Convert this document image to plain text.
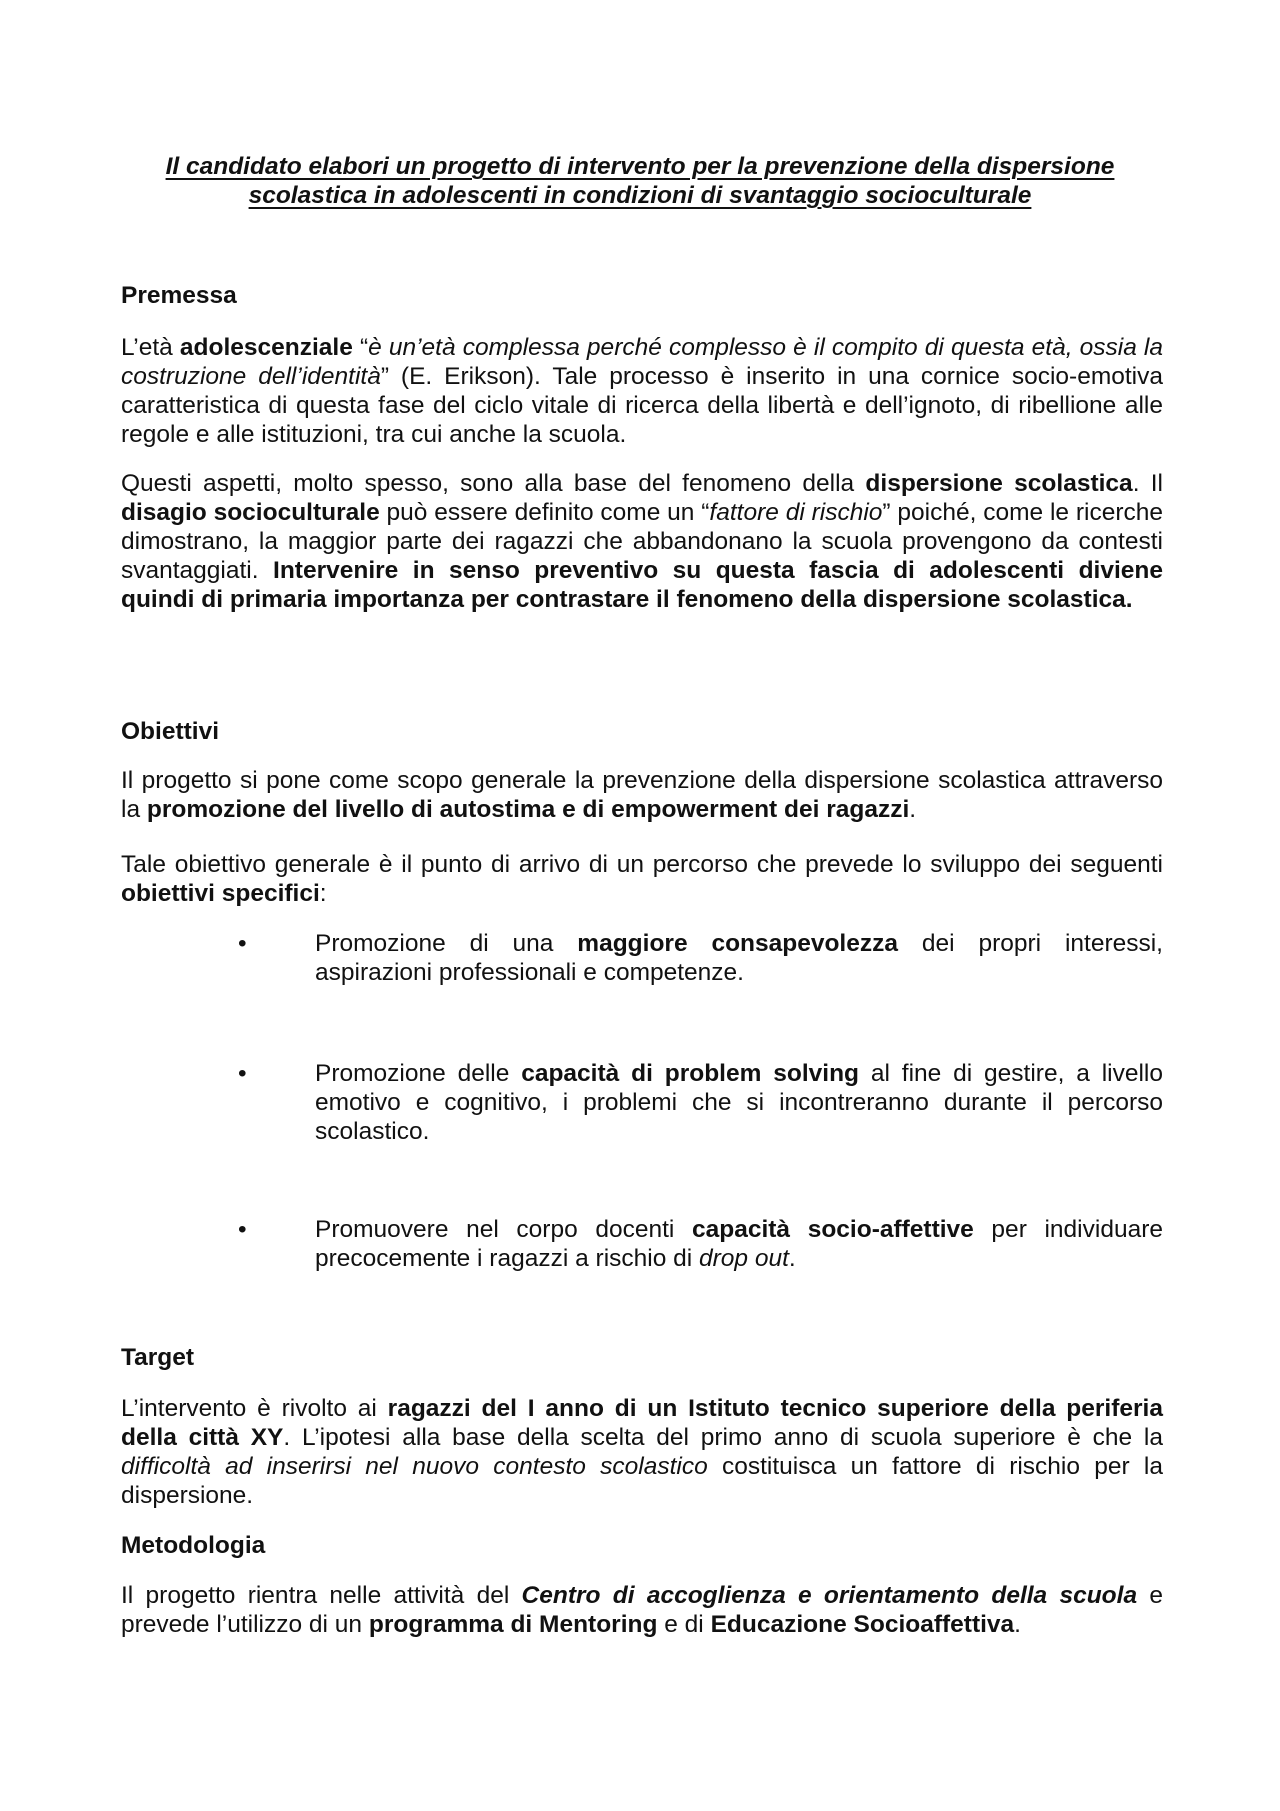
Il candidato elabori un progetto di intervento per la prevenzione della dispersione
scolastica in adolescenti in condizioni di svantaggio socioculturale
Premessa
L’età adolescenziale “è un’età complessa perché complesso è il compito di questa età, ossia la costruzione dell’identità” (E. Erikson). Tale processo è inserito in una cornice socio-emotiva caratteristica di questa fase del ciclo vitale di ricerca della libertà e dell’ignoto, di ribellione alle regole e alle istituzioni, tra cui anche la scuola.
Questi aspetti, molto spesso, sono alla base del fenomeno della dispersione scolastica. Il disagio socioculturale può essere definito come un “fattore di rischio” poiché, come le ricerche dimostrano, la maggior parte dei ragazzi che abbandonano la scuola provengono da contesti svantaggiati. Intervenire in senso preventivo su questa fascia di adolescenti diviene quindi di primaria importanza per contrastare il fenomeno della dispersione scolastica.
Obiettivi
Il progetto si pone come scopo generale la prevenzione della dispersione scolastica attraverso la promozione del livello di autostima e di empowerment dei ragazzi.
Tale obiettivo generale è il punto di arrivo di un percorso che prevede lo sviluppo dei seguenti obiettivi specifici:
•	Promozione di una maggiore consapevolezza dei propri interessi, aspirazioni professionali e competenze.
•	Promozione delle capacità di problem solving al fine di gestire, a livello emotivo e cognitivo, i problemi che si incontreranno durante il percorso scolastico.
•	Promuovere nel corpo docenti capacità socio-affettive per individuare precocemente i ragazzi a rischio di drop out.
Target
L’intervento è rivolto ai ragazzi del I anno di un Istituto tecnico superiore della periferia della città XY. L’ipotesi alla base della scelta del primo anno di scuola superiore è che la difficoltà ad inserirsi nel nuovo contesto scolastico costituisca un fattore di rischio per la dispersione.
Metodologia
Il progetto rientra nelle attività del Centro di accoglienza e orientamento della scuola e prevede l’utilizzo di un programma di Mentoring e di Educazione Socioaffettiva.
